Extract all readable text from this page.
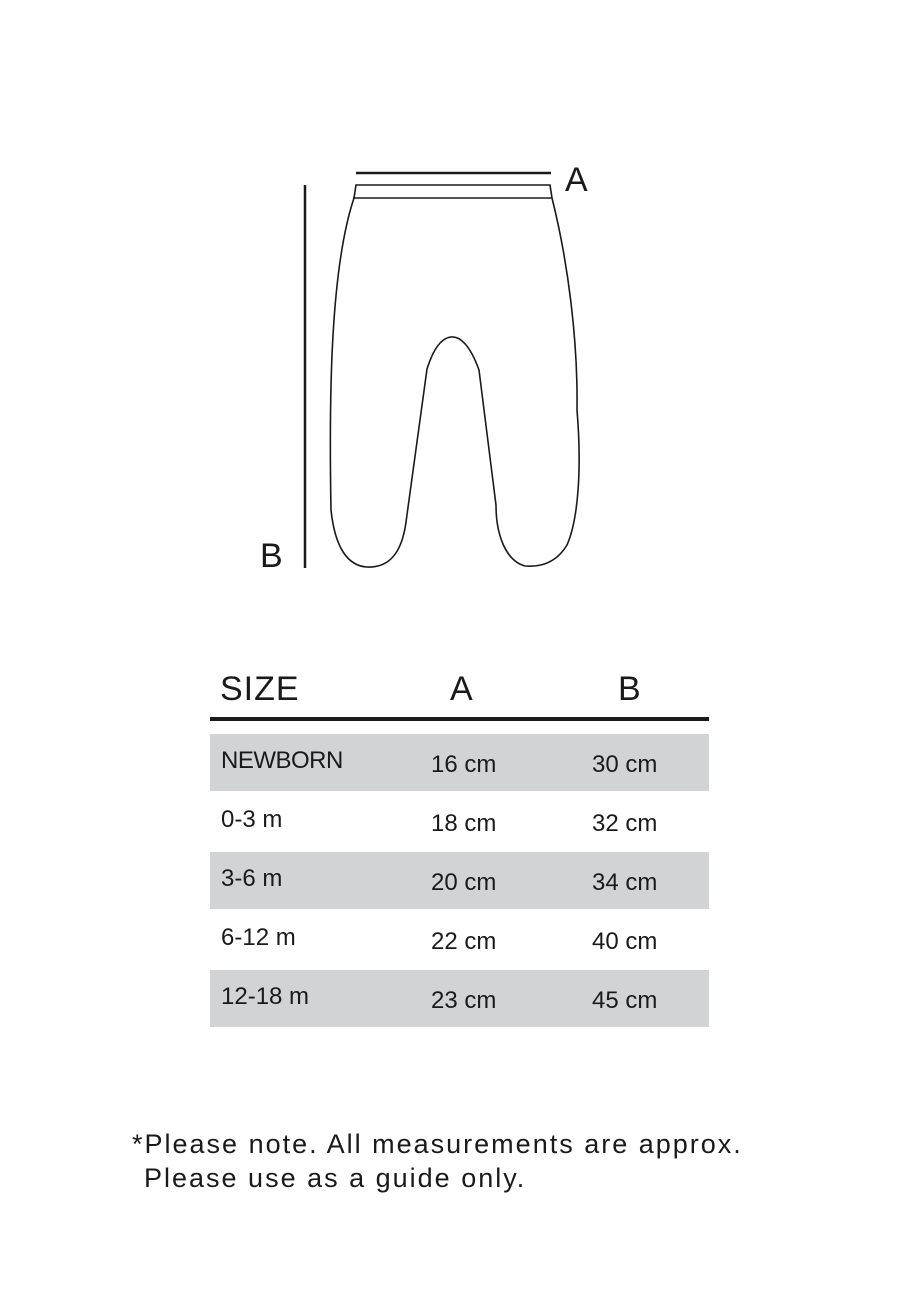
A
B
SIZE	A	B
NEWBORN	16 cm	30 cm
0-3 m	18 cm	32 cm
3-6 m	20 cm	34 cm
6-12 m	22 cm	40 cm
12-18 m	23 cm	45 cm
*Please note. All measurements are approx.
Please use as a guide only.
